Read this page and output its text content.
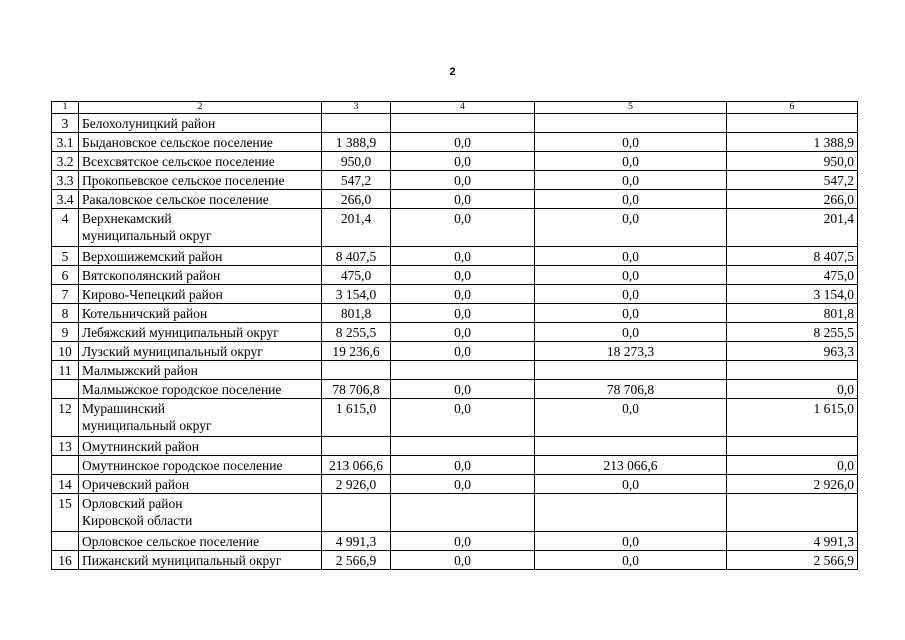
2
1	2	3	4	5	6
3	Белохолуницкий район				
3.1	Быдановское сельское поселение	1 388,9	0,0	0,0	1 388,9
3.2	Всехсвятское сельское поселение	950,0	0,0	0,0	950,0
3.3	Прокопьевское сельское поселение	547,2	0,0	0,0	547,2
3.4	Ракаловское сельское поселение	266,0	0,0	0,0	266,0
4	Верхнекамский
муниципальный округ	201,4	0,0	0,0	201,4
5	Верхошижемский район	8 407,5	0,0	0,0	8 407,5
6	Вятскополянский район	475,0	0,0	0,0	475,0
7	Кирово-Чепецкий район	3 154,0	0,0	0,0	3 154,0
8	Котельничский район	801,8	0,0	0,0	801,8
9	Лебяжский муниципальный округ	8 255,5	0,0	0,0	8 255,5
10	Лузский муниципальный округ	19 236,6	0,0	18 273,3	963,3
11	Малмыжский район				
	Малмыжское городское поселение	78 706,8	0,0	78 706,8	0,0
12	Мурашинский
муниципальный округ	1 615,0	0,0	0,0	1 615,0
13	Омутнинский район				
	Омутнинское городское поселение	213 066,6	0,0	213 066,6	0,0
14	Оричевский район	2 926,0	0,0	0,0	2 926,0
15	Орловский район
Кировской области				
	Орловское сельское поселение	4 991,3	0,0	0,0	4 991,3
16	Пижанский муниципальный округ	2 566,9	0,0	0,0	2 566,9
